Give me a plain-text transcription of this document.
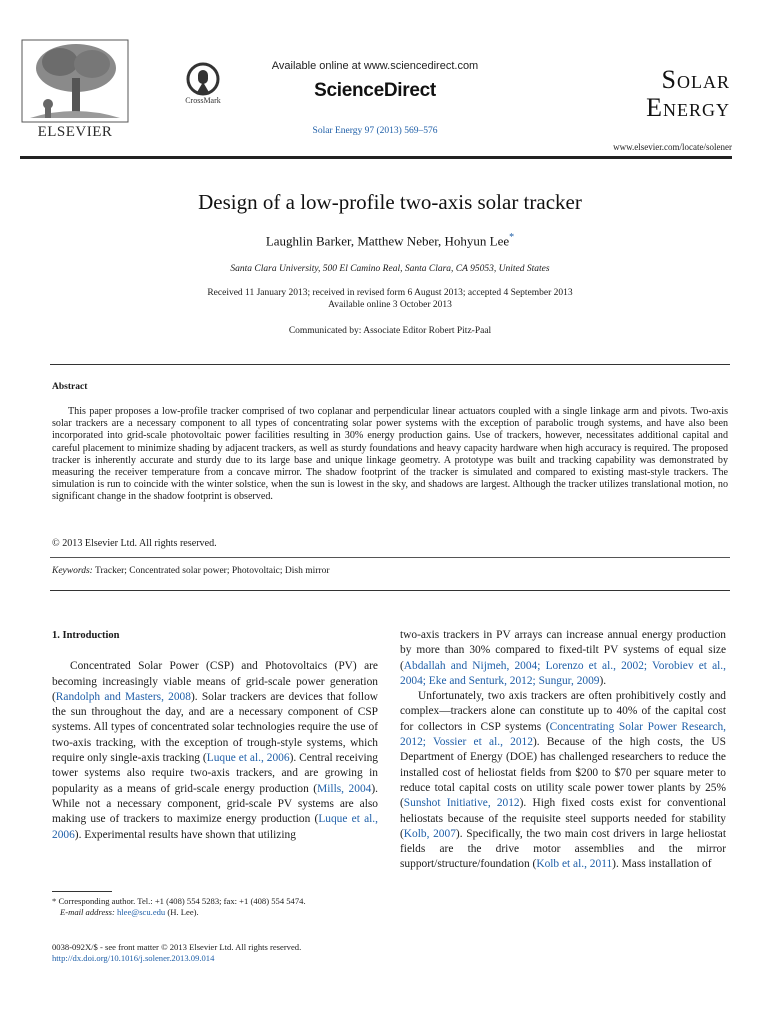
ELSEVIER
CrossMark
Available online at www.sciencedirect.com
ScienceDirect
Solar Energy 97 (2013) 569–576
Solar
Energy
www.elsevier.com/locate/solener
Design of a low-profile two-axis solar tracker
Laughlin Barker, Matthew Neber, Hohyun Lee*
Santa Clara University, 500 El Camino Real, Santa Clara, CA 95053, United States
Received 11 January 2013; received in revised form 6 August 2013; accepted 4 September 2013
Available online 3 October 2013
Communicated by: Associate Editor Robert Pitz-Paal
Abstract
This paper proposes a low-profile tracker comprised of two coplanar and perpendicular linear actuators coupled with a single linkage arm and pivots. Two-axis solar trackers are a necessary component to all types of concentrating solar power systems with the exception of parabolic trough systems, and have also been incorporated into grid-scale photovoltaic power facilities resulting in 30% energy production gains. Use of trackers, however, necessitates additional capital and careful placement to minimize shading by adjacent trackers, as well as sturdy foundations and heavy capacity hardware when high accuracy is required. The proposed tracker is inherently accurate and sturdy due to its large base and unique linkage geometry. A prototype was built and tracking capability was demonstrated by measuring the receiver temperature from a concave mirror. The shadow footprint of the tracker is simulated and compared to existing mast-style trackers. The simulation is run to coincide with the winter solstice, when the sun is lowest in the sky, and shadows are largest. Although the tracker utilizes translational motion, no significant change in the shadow footprint is observed.
© 2013 Elsevier Ltd. All rights reserved.
Keywords: Tracker; Concentrated solar power; Photovoltaic; Dish mirror
1. Introduction

Concentrated Solar Power (CSP) and Photovoltaics (PV) are becoming increasingly viable means of grid-scale power generation (Randolph and Masters, 2008). Solar trackers are devices that follow the sun throughout the day, and are a necessary component of CSP systems. All types of concentrated solar technologies require the use of two-axis tracking, with the exception of trough-style systems, which require only single-axis tracking (Luque et al., 2006). Central receiving tower systems also require two-axis trackers, and are growing in popularity as a means of grid-scale energy production (Mills, 2004). While not a necessary component, grid-scale PV systems are also making use of trackers to maximize energy production (Luque et al., 2006). Experimental results have shown that utilizing

two-axis trackers in PV arrays can increase annual energy production by more than 30% compared to fixed-tilt PV systems of equal size (Abdallah and Nijmeh, 2004; Lorenzo et al., 2002; Vorobiev et al., 2004; Eke and Senturk, 2012; Sungur, 2009).

Unfortunately, two axis trackers are often prohibitively costly and complex—trackers alone can constitute up to 40% of the capital cost for collectors in CSP systems (Concentrating Solar Power Research, 2012; Vossier et al., 2012). Because of the high costs, the US Department of Energy (DOE) has challenged researchers to reduce the installed cost of heliostat fields from $200 to $70 per square meter to reduce total capital costs on utility scale power tower plants by 25% (Sunshot Initiative, 2012). High fixed costs exist for conventional heliostats because of the requisite steel supports needed for stability (Kolb, 2007). Specifically, the two main cost drivers in large heliostat fields are the drive motor assemblies and the mirror support/structure/foundation (Kolb et al., 2011). Mass installation of

* Corresponding author. Tel.: +1 (408) 554 5283; fax: +1 (408) 554 5474.
E-mail address: hlee@scu.edu (H. Lee).
0038-092X/$ - see front matter © 2013 Elsevier Ltd. All rights reserved.
http://dx.doi.org/10.1016/j.solener.2013.09.014
